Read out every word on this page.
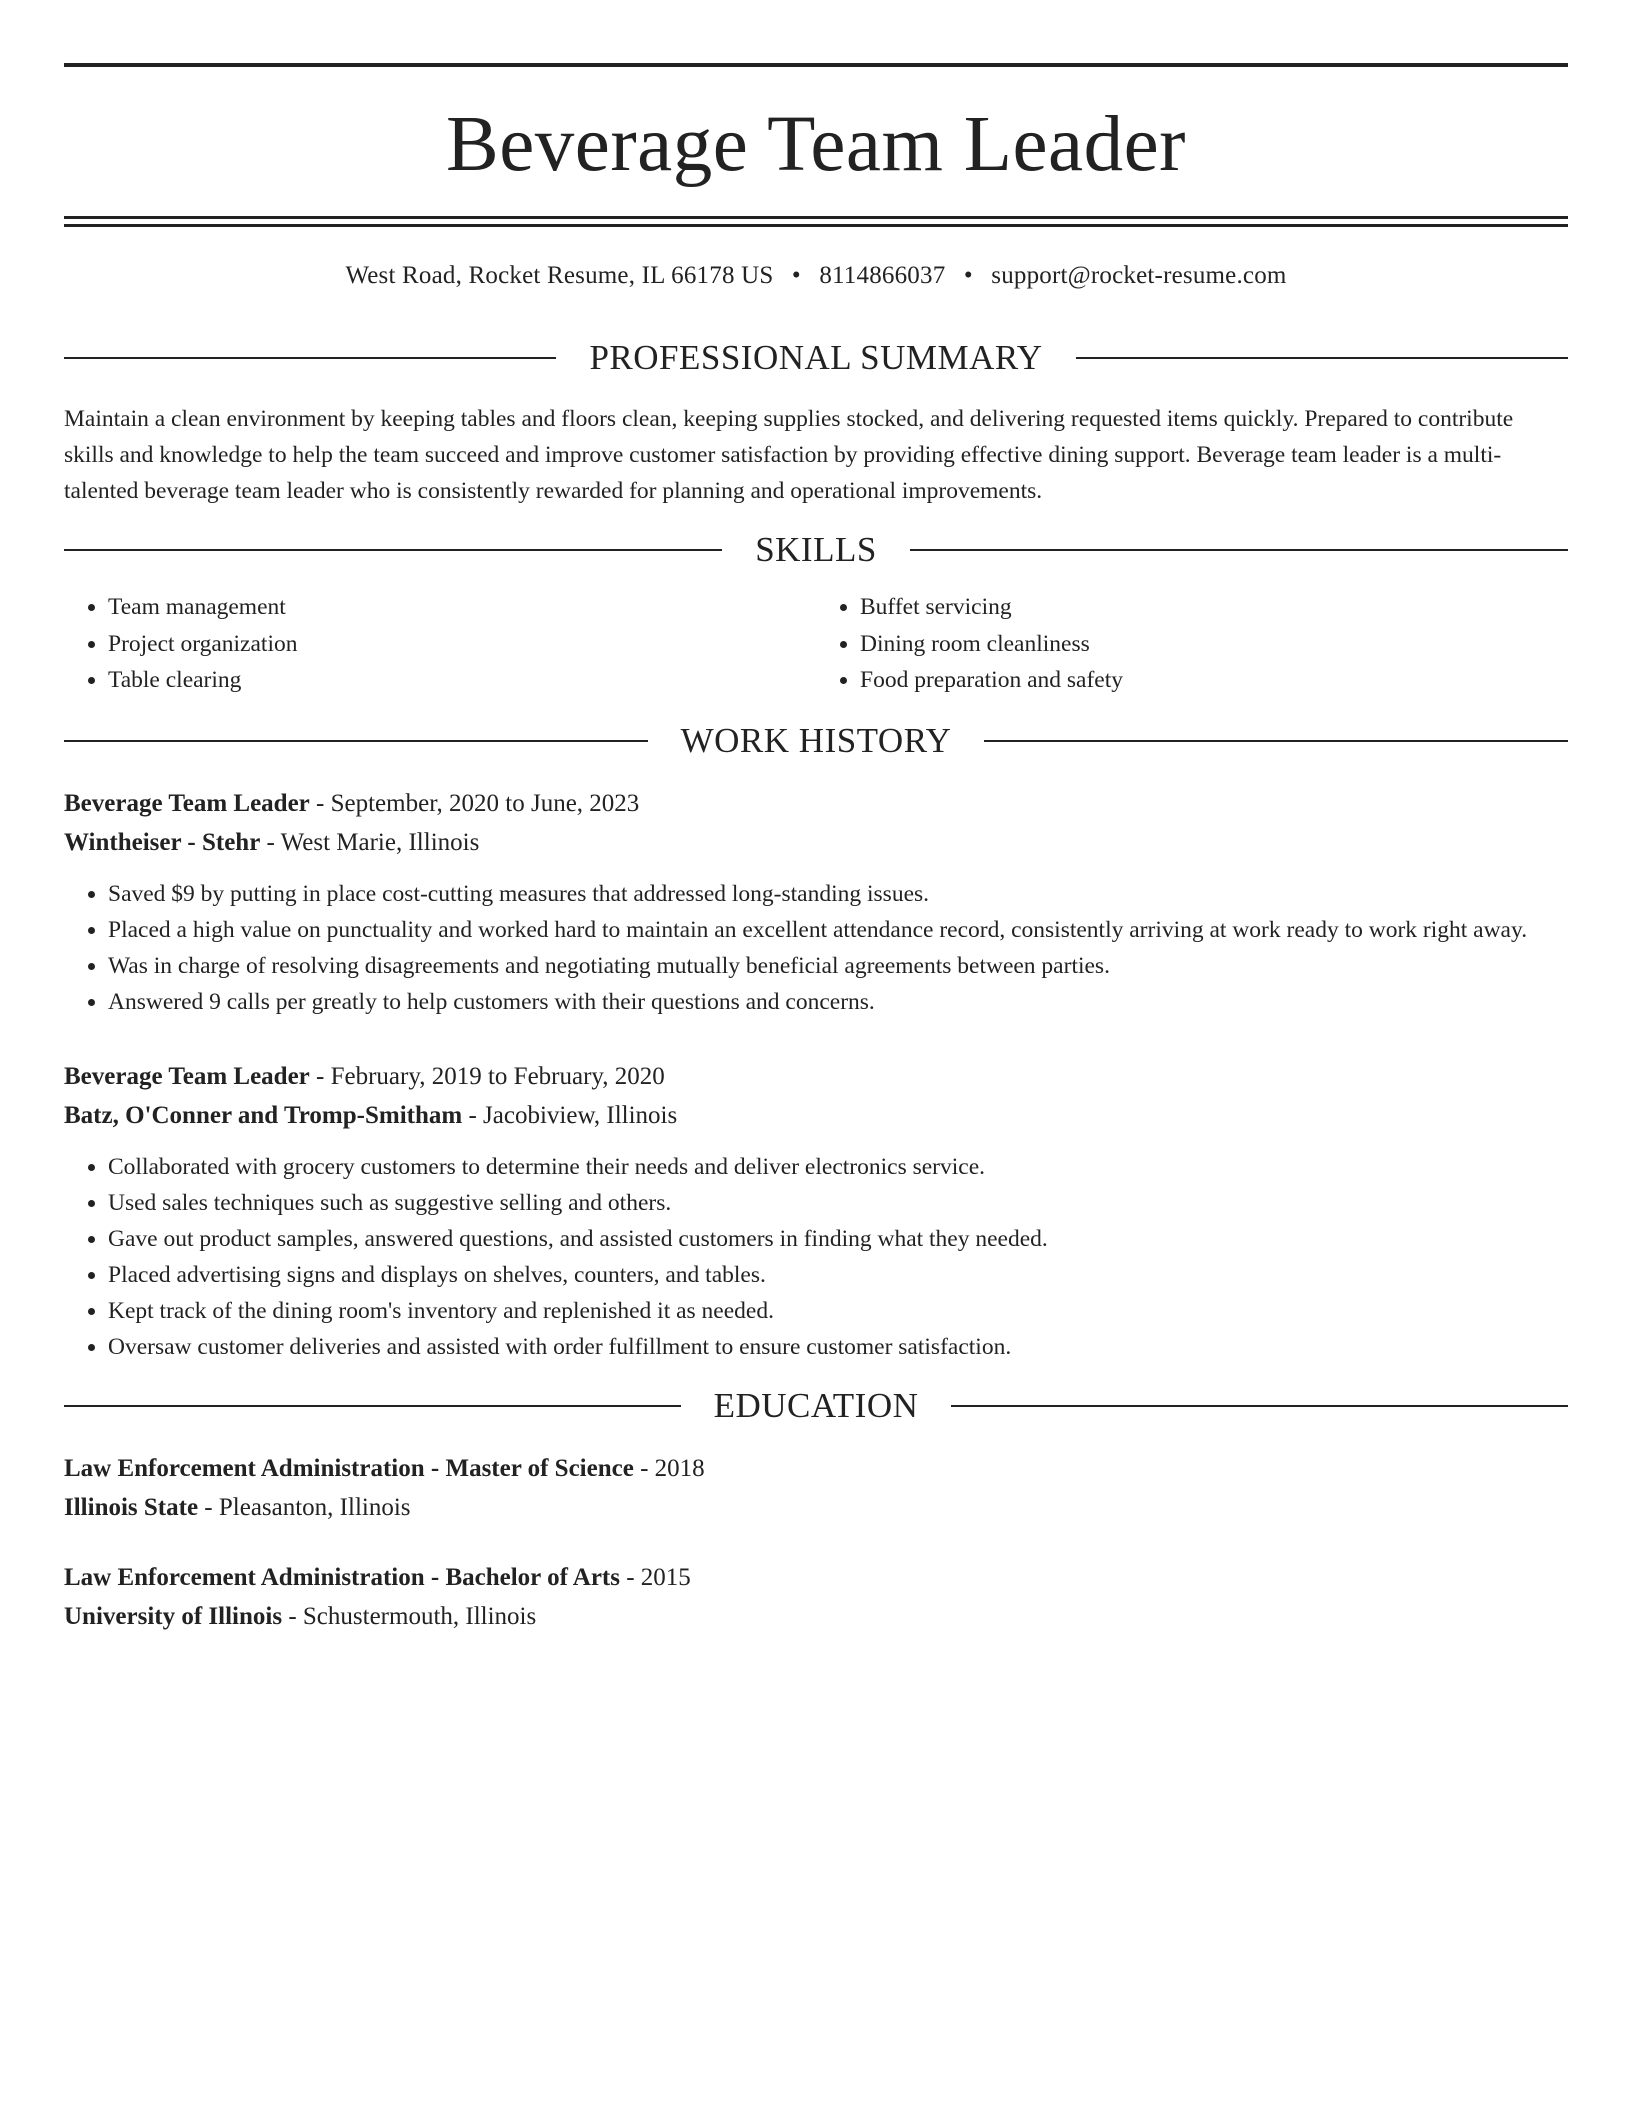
Beverage Team Leader
West Road, Rocket Resume, IL 66178 US • 8114866037 • support@rocket-resume.com
PROFESSIONAL SUMMARY

Maintain a clean environment by keeping tables and floors clean, keeping supplies stocked, and delivering requested items quickly. Prepared to contribute skills and knowledge to help the team succeed and improve customer satisfaction by providing effective dining support. Beverage team leader is a multi-talented beverage team leader who is consistently rewarded for planning and operational improvements.

SKILLS
• Team management
• Project organization
• Table clearing
• Buffet servicing
• Dining room cleanliness
• Food preparation and safety
WORK HISTORY
Beverage Team Leader - September, 2020 to June, 2023
Wintheiser - Stehr - West Marie, Illinois
• Saved $9 by putting in place cost-cutting measures that addressed long-standing issues.
• Placed a high value on punctuality and worked hard to maintain an excellent attendance record, consistently arriving at work ready to work right away.
• Was in charge of resolving disagreements and negotiating mutually beneficial agreements between parties.
• Answered 9 calls per greatly to help customers with their questions and concerns.
Beverage Team Leader - February, 2019 to February, 2020
Batz, O'Conner and Tromp-Smitham - Jacobiview, Illinois
• Collaborated with grocery customers to determine their needs and deliver electronics service.
• Used sales techniques such as suggestive selling and others.
• Gave out product samples, answered questions, and assisted customers in finding what they needed.
• Placed advertising signs and displays on shelves, counters, and tables.
• Kept track of the dining room's inventory and replenished it as needed.
• Oversaw customer deliveries and assisted with order fulfillment to ensure customer satisfaction.
EDUCATION
Law Enforcement Administration - Master of Science - 2018
Illinois State - Pleasanton, Illinois
Law Enforcement Administration - Bachelor of Arts - 2015
University of Illinois - Schustermouth, Illinois
